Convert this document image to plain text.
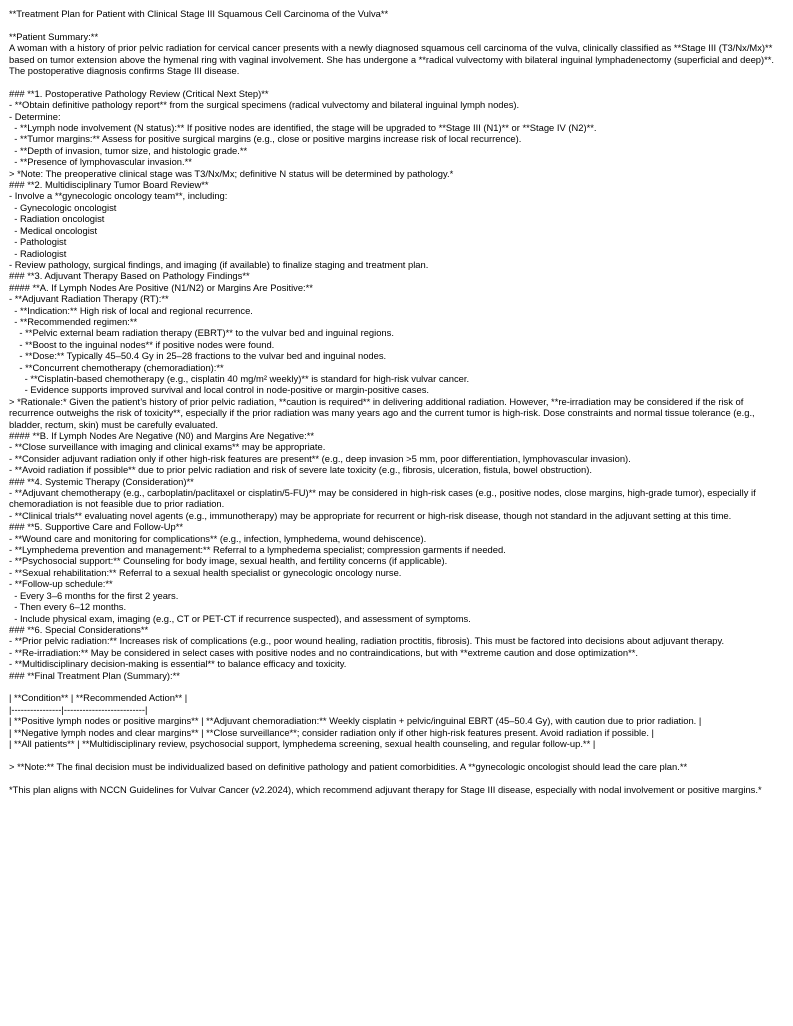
**Treatment Plan for Patient with Clinical Stage III Squamous Cell Carcinoma of the Vulva**

**Patient Summary:**

A woman with a history of prior pelvic radiation for cervical cancer presents with a newly diagnosed squamous cell carcinoma of the vulva, clinically classified as **Stage III (T3/Nx/Mx)** based on tumor extension above the hymenal ring with vaginal involvement. She has undergone a **radical vulvectomy with bilateral inguinal lymphadenectomy (superficial and deep)**. The postoperative diagnosis confirms Stage III disease.

### **1. Postoperative Pathology Review (Critical Next Step)**

- **Obtain definitive pathology report** from the surgical specimens (radical vulvectomy and bilateral inguinal lymph nodes).

- Determine:

- **Lymph node involvement (N status):** If positive nodes are identified, the stage will be upgraded to **Stage III (N1)** or **Stage IV (N2)**.

- **Tumor margins:** Assess for positive surgical margins (e.g., close or positive margins increase risk of local recurrence).

- **Depth of invasion, tumor size, and histologic grade.**

- **Presence of lymphovascular invasion.**

> *Note: The preoperative clinical stage was T3/Nx/Mx; definitive N status will be determined by pathology.*

### **2. Multidisciplinary Tumor Board Review**

- Involve a **gynecologic oncology team**, including:

- Gynecologic oncologist

- Radiation oncologist

- Medical oncologist

- Pathologist

- Radiologist

- Review pathology, surgical findings, and imaging (if available) to finalize staging and treatment plan.

### **3. Adjuvant Therapy Based on Pathology Findings**

#### **A. If Lymph Nodes Are Positive (N1/N2) or Margins Are Positive:**

- **Adjuvant Radiation Therapy (RT):**

- **Indication:** High risk of local and regional recurrence.

- **Recommended regimen:**

- **Pelvic external beam radiation therapy (EBRT)** to the vulvar bed and inguinal regions.

- **Boost to the inguinal nodes** if positive nodes were found.

- **Dose:** Typically 45–50.4 Gy in 25–28 fractions to the vulvar bed and inguinal nodes.

- **Concurrent chemotherapy (chemoradiation):**

- **Cisplatin-based chemotherapy (e.g., cisplatin 40 mg/m² weekly)** is standard for high-risk vulvar cancer.

- Evidence supports improved survival and local control in node-positive or margin-positive cases.

> *Rationale:* Given the patient’s history of prior pelvic radiation, **caution is required** in delivering additional radiation. However, **re-irradiation may be considered if the risk of recurrence outweighs the risk of toxicity**, especially if the prior radiation was many years ago and the current tumor is high-risk. Dose constraints and normal tissue tolerance (e.g., bladder, rectum, skin) must be carefully evaluated.

#### **B. If Lymph Nodes Are Negative (N0) and Margins Are Negative:**

- **Close surveillance with imaging and clinical exams** may be appropriate.

- **Consider adjuvant radiation only if other high-risk features are present** (e.g., deep invasion >5 mm, poor differentiation, lymphovascular invasion).

- **Avoid radiation if possible** due to prior pelvic radiation and risk of severe late toxicity (e.g., fibrosis, ulceration, fistula, bowel obstruction).

### **4. Systemic Therapy (Consideration)**

- **Adjuvant chemotherapy (e.g., carboplatin/paclitaxel or cisplatin/5-FU)** may be considered in high-risk cases (e.g., positive nodes, close margins, high-grade tumor), especially if chemoradiation is not feasible due to prior radiation.

- **Clinical trials** evaluating novel agents (e.g., immunotherapy) may be appropriate for recurrent or high-risk disease, though not standard in the adjuvant setting at this time.

### **5. Supportive Care and Follow-Up**

- **Wound care and monitoring for complications** (e.g., infection, lymphedema, wound dehiscence).

- **Lymphedema prevention and management:** Referral to a lymphedema specialist; compression garments if needed.

- **Psychosocial support:** Counseling for body image, sexual health, and fertility concerns (if applicable).

- **Sexual rehabilitation:** Referral to a sexual health specialist or gynecologic oncology nurse.

- **Follow-up schedule:**

- Every 3–6 months for the first 2 years.

- Then every 6–12 months.

- Include physical exam, imaging (e.g., CT or PET-CT if recurrence suspected), and assessment of symptoms.

### **6. Special Considerations**

- **Prior pelvic radiation:** Increases risk of complications (e.g., poor wound healing, radiation proctitis, fibrosis). This must be factored into decisions about adjuvant therapy.

- **Re-irradiation:** May be considered in select cases with positive nodes and no contraindications, but with **extreme caution and dose optimization**.

- **Multidisciplinary decision-making is essential** to balance efficacy and toxicity.

### **Final Treatment Plan (Summary):**

| **Condition** | **Recommended Action** |

|----------------|--------------------------|

| **Positive lymph nodes or positive margins** | **Adjuvant chemoradiation:** Weekly cisplatin + pelvic/inguinal EBRT (45–50.4 Gy), with caution due to prior radiation. |

| **Negative lymph nodes and clear margins** | **Close surveillance**; consider radiation only if other high-risk features present. Avoid radiation if possible. |

| **All patients** | **Multidisciplinary review, psychosocial support, lymphedema screening, sexual health counseling, and regular follow-up.** |

> **Note:** The final decision must be individualized based on definitive pathology and patient comorbidities. A **gynecologic oncologist should lead the care plan.**

*This plan aligns with NCCN Guidelines for Vulvar Cancer (v2.2024), which recommend adjuvant therapy for Stage III disease, especially with nodal involvement or positive margins.*
